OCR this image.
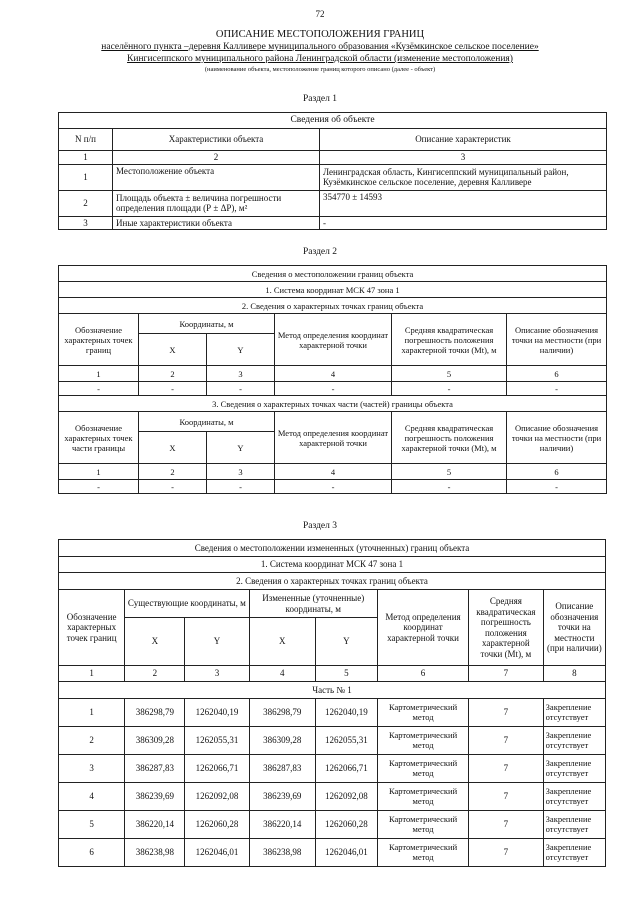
72
ОПИСАНИЕ МЕСТОПОЛОЖЕНИЯ ГРАНИЦ
населённого пункта –деревня Калливере муниципального образования «Кузёмкинское сельское поселение»
Кингисеппского муниципального района Ленинградской области (изменение местоположения)
(наименование объекта, местоположение границ которого описано (далее - объект)
Раздел 1
Сведения об объекте		
N п/п	Характеристики объекта	Описание характеристик
1	2	3
1	Местоположение объекта	Ленинградская область, Кингисеппский муниципальный район, Кузёмкинское сельское поселение, деревня Калливере
2	Площадь объекта ± величина погрешности определения площади (Р ± ΔР), м²	354770 ± 14593
3	Иные характеристики объекта	-
Раздел 2
Сведения о местоположении границ объекта					
1. Система координат МСК 47 зона 1					
2. Сведения о характерных точках границ объекта					
Обозначение характерных точек границ	Координаты, м		Метод определения координат характерной точки	Средняя квадратическая погрешность положения характерной точки (Mt), м	Описание обозначения точки на местности (при наличии)
	X	Y			
1	2	3	4	5	6
-	-	-	-	-	-
3. Сведения о характерных точках части (частей) границы объекта					
Обозначение характерных точек части границы	Координаты, м		Метод определения координат характерной точки	Средняя квадратическая погрешность положения характерной точки (Mt), м	Описание обозначения точки на местности (при наличии)
	X	Y			
1	2	3	4	5	6
-	-	-	-	-	-
Раздел 3
Сведения о местоположении измененных (уточненных) границ объекта							
1. Система координат МСК 47 зона 1							
2. Сведения о характерных точках границ объекта							
Обозначение характерных точек границ	Существующие координаты, м		Измененные (уточненные) координаты, м		Метод определения координат характерной точки	Средняя квадратическая погрешность положения характерной точки (Mt), м	Описание обозначения точки на местности (при наличии)
	X	Y	X	Y			
1	2	3	4	5	6	7	8
Часть № 1							
1	386298,79	1262040,19	386298,79	1262040,19	Картометрический метод	7	Закрепление отсутствует
2	386309,28	1262055,31	386309,28	1262055,31	Картометрический метод	7	Закрепление отсутствует
3	386287,83	1262066,71	386287,83	1262066,71	Картометрический метод	7	Закрепление отсутствует
4	386239,69	1262092,08	386239,69	1262092,08	Картометрический метод	7	Закрепление отсутствует
5	386220,14	1262060,28	386220,14	1262060,28	Картометрический метод	7	Закрепление отсутствует
6	386238,98	1262046,01	386238,98	1262046,01	Картометрический метод	7	Закрепление отсутствует
